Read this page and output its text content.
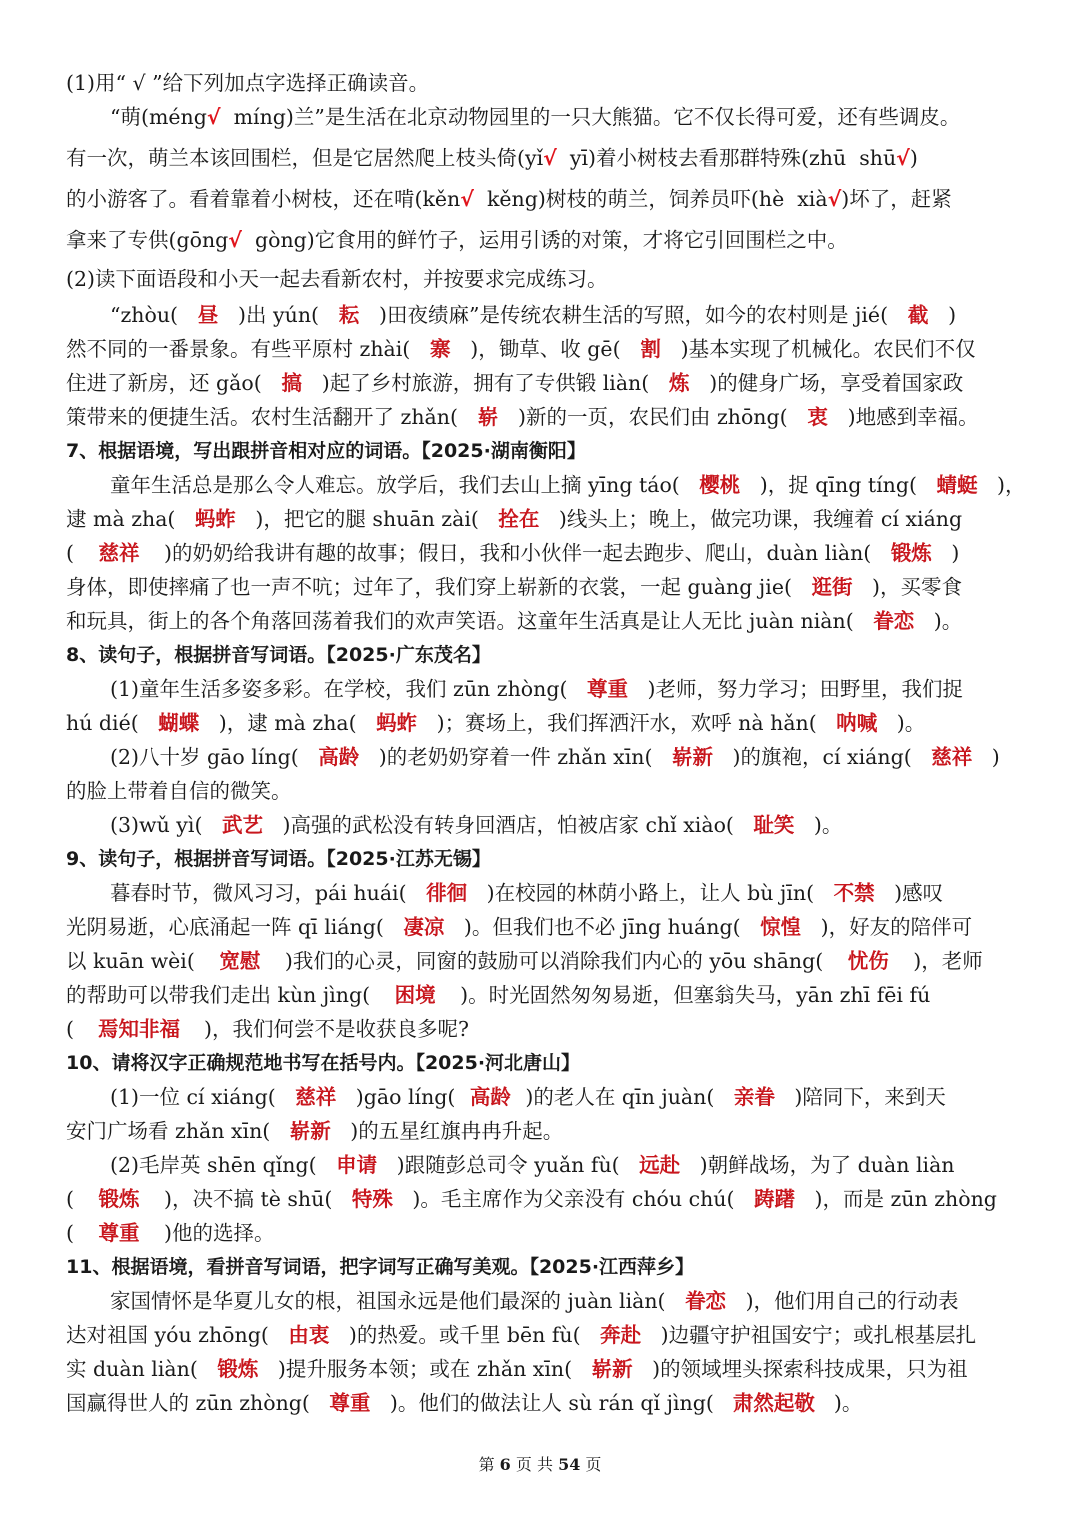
(1)用“ √ ”给下列加点字选择正确读音。
“萌(méng√  míng)兰”是生活在北京动物园里的一只大熊猫。它不仅长得可爱，还有些调皮。
有一次，萌兰本该回围栏，但是它居然爬上枝头倚(yǐ√  yī)着小树枝去看那群特殊(zhū  shū√)
的小游客了。看着靠着小树枝，还在啃(kěn√  kěng)树枝的萌兰，饲养员吓(hè  xià√)坏了，赶紧
拿来了专供(gōng√  gòng)它食用的鲜竹子，运用引诱的对策，才将它引回围栏之中。
(2)读下面语段和小天一起去看新农村，并按要求完成练习。
“zhòu( 昼 )出 yún( 耘 )田夜绩麻”是传统农耕生活的写照，如今的农村则是 jié( 截 )
然不同的一番景象。有些平原村 zhài( 寨 )，锄草、收 gē( 割 )基本实现了机械化。农民们不仅
住进了新房，还 gǎo( 搞 )起了乡村旅游，拥有了专供锻 liàn( 炼 )的健身广场，享受着国家政
策带来的便捷生活。农村生活翻开了 zhǎn( 崭 )新的一页，农民们由 zhōng( 衷 )地感到幸福。
7、根据语境，写出跟拼音相对应的词语。【2025·湖南衡阳】
童年生活总是那么令人难忘。放学后，我们去山上摘 yīng táo( 樱桃 )，捉 qīng tíng( 蜻蜓 )，
逮 mà zha( 蚂蚱 )，把它的腿 shuān zài( 拴在 )线头上；晚上，做完功课，我缠着 cí xiáng
( 慈祥 )的奶奶给我讲有趣的故事；假日，我和小伙伴一起去跑步、爬山，duàn liàn( 锻炼 )
身体，即使摔痛了也一声不吭；过年了，我们穿上崭新的衣裳，一起 guàng jie( 逛街 )，买零食
和玩具，街上的各个角落回荡着我们的欢声笑语。这童年生活真是让人无比 juàn niàn( 眷恋 )。
8、读句子，根据拼音写词语。【2025·广东茂名】
(1)童年生活多姿多彩。在学校，我们 zūn zhòng( 尊重 )老师，努力学习；田野里，我们捉
hú dié( 蝴蝶 )，逮 mà zha( 蚂蚱 )；赛场上，我们挥洒汗水，欢呼 nà hǎn( 呐喊 )。
(2)八十岁 gāo líng( 高龄 )的老奶奶穿着一件 zhǎn xīn( 崭新 )的旗袍，cí xiáng( 慈祥 )
的脸上带着自信的微笑。
(3)wǔ yì( 武艺 )高强的武松没有转身回酒店，怕被店家 chǐ xiào( 耻笑 )。
9、读句子，根据拼音写词语。【2025·江苏无锡】
暮春时节，微风习习，pái huái( 徘徊 )在校园的林荫小路上，让人 bù jīn( 不禁 )感叹
光阴易逝，心底涌起一阵 qī liáng( 凄凉 )。但我们也不必 jīng huáng( 惊惶 )，好友的陪伴可
以 kuān wèi( 宽慰 )我们的心灵，同窗的鼓励可以消除我们内心的 yōu shāng( 忧伤 )，老师
的帮助可以带我们走出 kùn jìng( 困境 )。时光固然匆匆易逝，但塞翁失马，yān zhī fēi fú
( 焉知非福 )，我们何尝不是收获良多呢?
10、请将汉字正确规范地书写在括号内。【2025·河北唐山】
(1)一位 cí xiáng( 慈祥 )gāo líng( 高龄 )的老人在 qīn juàn( 亲眷 )陪同下，来到天
安门广场看 zhǎn xīn( 崭新 )的五星红旗冉冉升起。
(2)毛岸英 shēn qǐng( 申请 )跟随彭总司令 yuǎn fù( 远赴 )朝鲜战场，为了 duàn liàn
( 锻炼 )，决不搞 tè shū( 特殊 )。毛主席作为父亲没有 chóu chú( 踌躇 )，而是 zūn zhòng
( 尊重 )他的选择。
11、根据语境，看拼音写词语，把字词写正确写美观。【2025·江西萍乡】
家国情怀是华夏儿女的根，祖国永远是他们最深的 juàn liàn( 眷恋 )，他们用自己的行动表
达对祖国 yóu zhōng( 由衷 )的热爱。或千里 bēn fù( 奔赴 )边疆守护祖国安宁；或扎根基层扎
实 duàn liàn( 锻炼 )提升服务本领；或在 zhǎn xīn( 崭新 )的领域埋头探索科技成果，只为祖
国赢得世人的 zūn zhòng( 尊重 )。他们的做法让人 sù rán qǐ jìng( 肃然起敬 )。
第 6 页 共 54 页
